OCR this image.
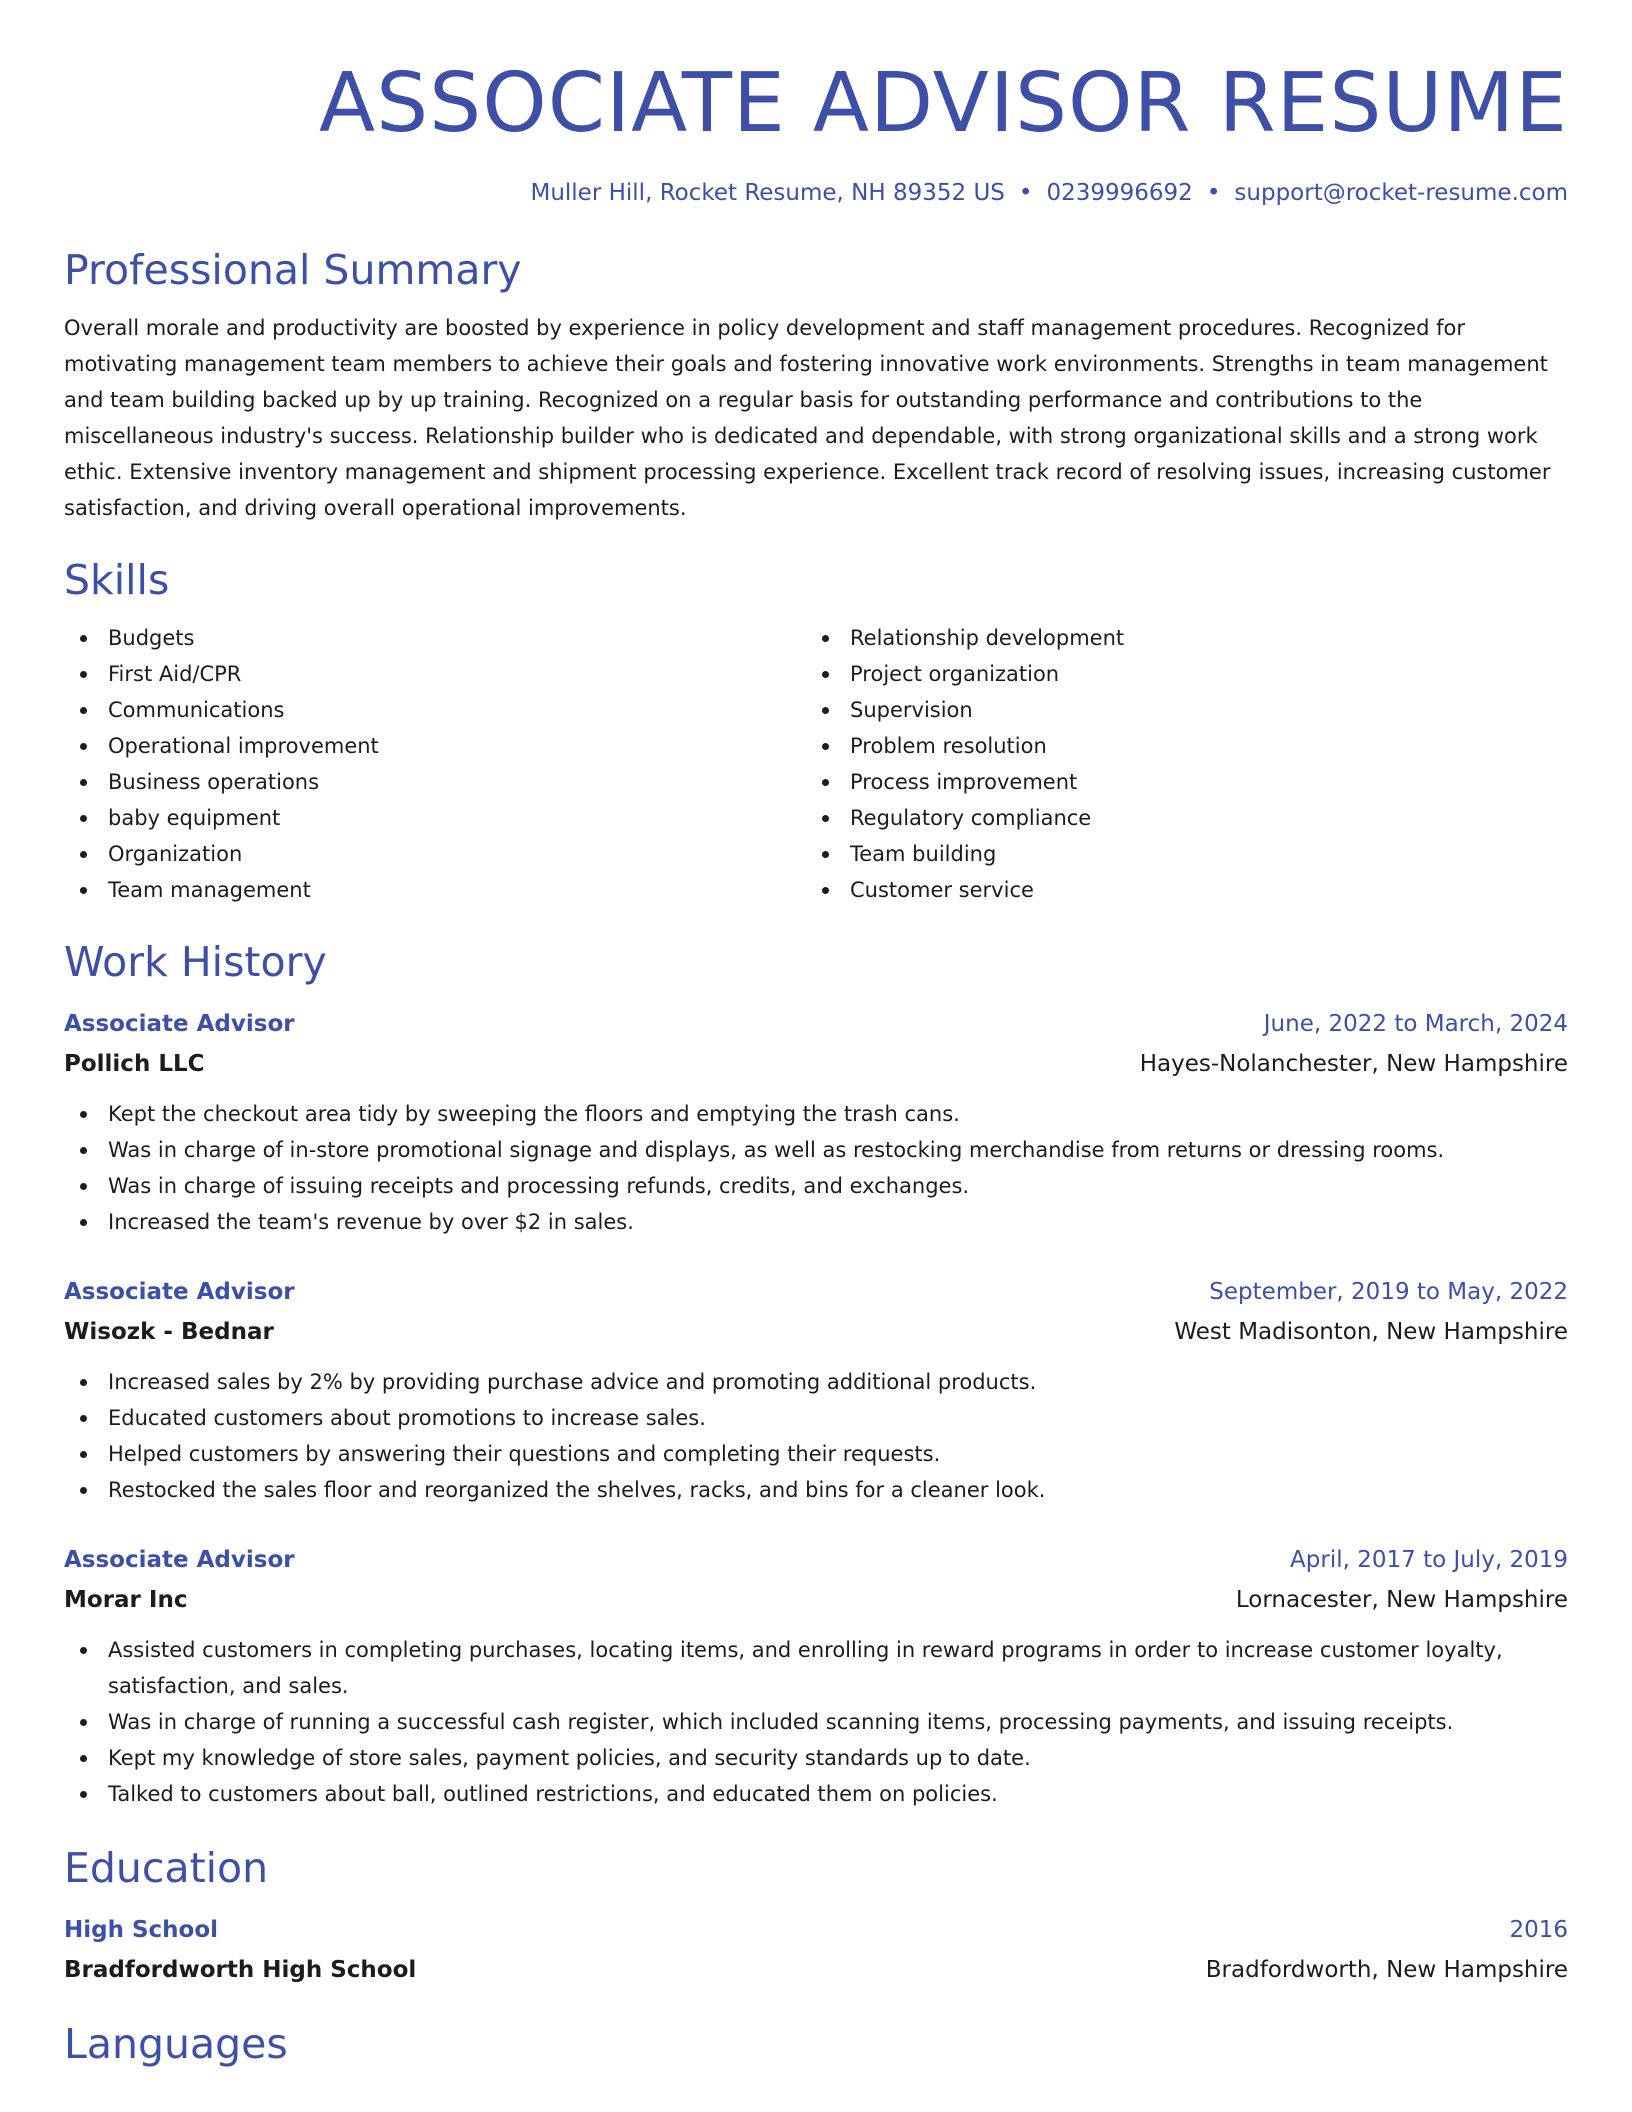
ASSOCIATE ADVISOR RESUME
Muller Hill, Rocket Resume, NH 89352 US • 0239996692 • support@rocket-resume.com
Professional Summary
Overall morale and productivity are boosted by experience in policy development and staff management procedures. Recognized for motivating management team members to achieve their goals and fostering innovative work environments. Strengths in team management and team building backed up by up training. Recognized on a regular basis for outstanding performance and contributions to the miscellaneous industry's success. Relationship builder who is dedicated and dependable, with strong organizational skills and a strong work ethic. Extensive inventory management and shipment processing experience. Excellent track record of resolving issues, increasing customer satisfaction, and driving overall operational improvements.
Skills
Budgets
First Aid/CPR
Communications
Operational improvement
Business operations
baby equipment
Organization
Team management
Relationship development
Project organization
Supervision
Problem resolution
Process improvement
Regulatory compliance
Team building
Customer service
Work History
Associate Advisor	June, 2022 to March, 2024
Pollich LLC	Hayes-Nolanchester, New Hampshire
Kept the checkout area tidy by sweeping the floors and emptying the trash cans.
Was in charge of in-store promotional signage and displays, as well as restocking merchandise from returns or dressing rooms.
Was in charge of issuing receipts and processing refunds, credits, and exchanges.
Increased the team's revenue by over $2 in sales.
Associate Advisor	September, 2019 to May, 2022
Wisozk - Bednar	West Madisonton, New Hampshire
Increased sales by 2% by providing purchase advice and promoting additional products.
Educated customers about promotions to increase sales.
Helped customers by answering their questions and completing their requests.
Restocked the sales floor and reorganized the shelves, racks, and bins for a cleaner look.
Associate Advisor	April, 2017 to July, 2019
Morar Inc	Lornacester, New Hampshire
Assisted customers in completing purchases, locating items, and enrolling in reward programs in order to increase customer loyalty, satisfaction, and sales.
Was in charge of running a successful cash register, which included scanning items, processing payments, and issuing receipts.
Kept my knowledge of store sales, payment policies, and security standards up to date.
Talked to customers about ball, outlined restrictions, and educated them on policies.
Education
High School	2016
Bradfordworth High School	Bradfordworth, New Hampshire
Languages
